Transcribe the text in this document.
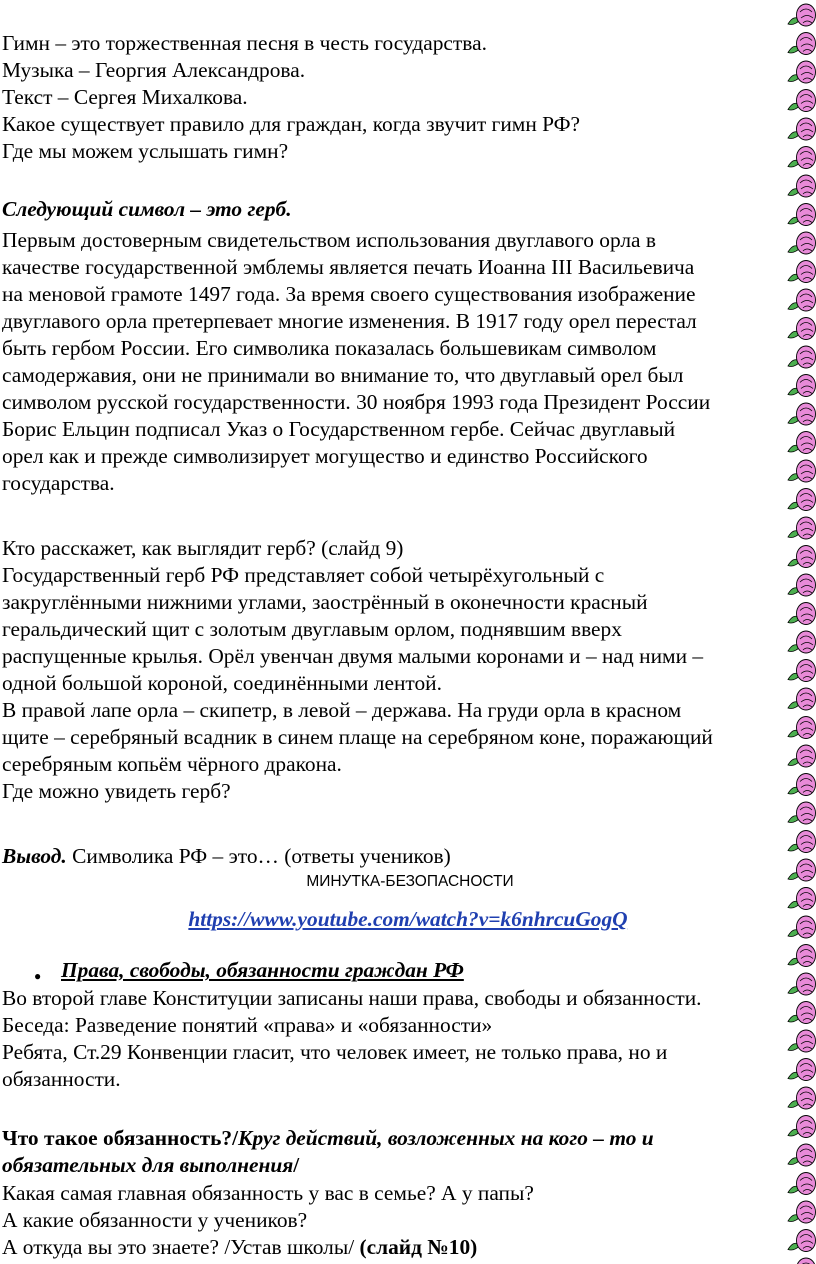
Гимн – это торжественная песня в честь государства.
Музыка – Георгия Александрова.
Текст – Сергея Михалкова.
Какое существует правило для граждан, когда звучит гимн РФ?
Где мы можем услышать гимн?
Следующий символ – это герб.
Первым достоверным свидетельством использования двуглавого орла в
качестве государственной эмблемы является печать Иоанна III Васильевича
на меновой грамоте 1497 года. За время своего существования изображение
двуглавого орла претерпевает многие изменения. В 1917 году орел перестал
быть гербом России. Его символика показалась большевикам символом
самодержавия, они не принимали во внимание то, что двуглавый орел был
символом русской государственности. 30 ноября 1993 года Президент России
Борис Ельцин подписал Указ о Государственном гербе. Сейчас двуглавый
орел как и прежде символизирует могущество и единство Российского
государства.
Кто расскажет, как выглядит герб? (слайд 9)
Государственный герб РФ представляет собой четырёхугольный с
закруглёнными нижними углами, заострённый в оконечности красный
геральдический щит с золотым двуглавым орлом, поднявшим вверх
распущенные крылья. Орёл увенчан двумя малыми коронами и – над ними –
одной большой короной, соединёнными лентой.
В правой лапе орла – скипетр, в левой – держава. На груди орла в красном
щите – серебряный всадник в синем плаще на серебряном коне, поражающий
серебряным копьём чёрного дракона.
Где можно увидеть герб?
Вывод. Символика РФ – это… (ответы учеников)
МИНУТКА-БЕЗОПАСНОСТИ
https://www.youtube.com/watch?v=k6nhrcuGogQ
● Права, свободы, обязанности граждан РФ
Во второй главе Конституции записаны наши права, свободы и обязанности.
Беседа: Разведение понятий «права» и «обязанности»
Ребята, Ст.29 Конвенции гласит, что человек имеет, не только права, но и
обязанности.
Что такое обязанность?/Круг действий, возложенных на кого – то и
обязательных для выполнения/
Какая самая главная обязанность у вас в семье? А у папы?
А какие обязанности у учеников?
А откуда вы это знаете? /Устав школы/ (слайд №10)
